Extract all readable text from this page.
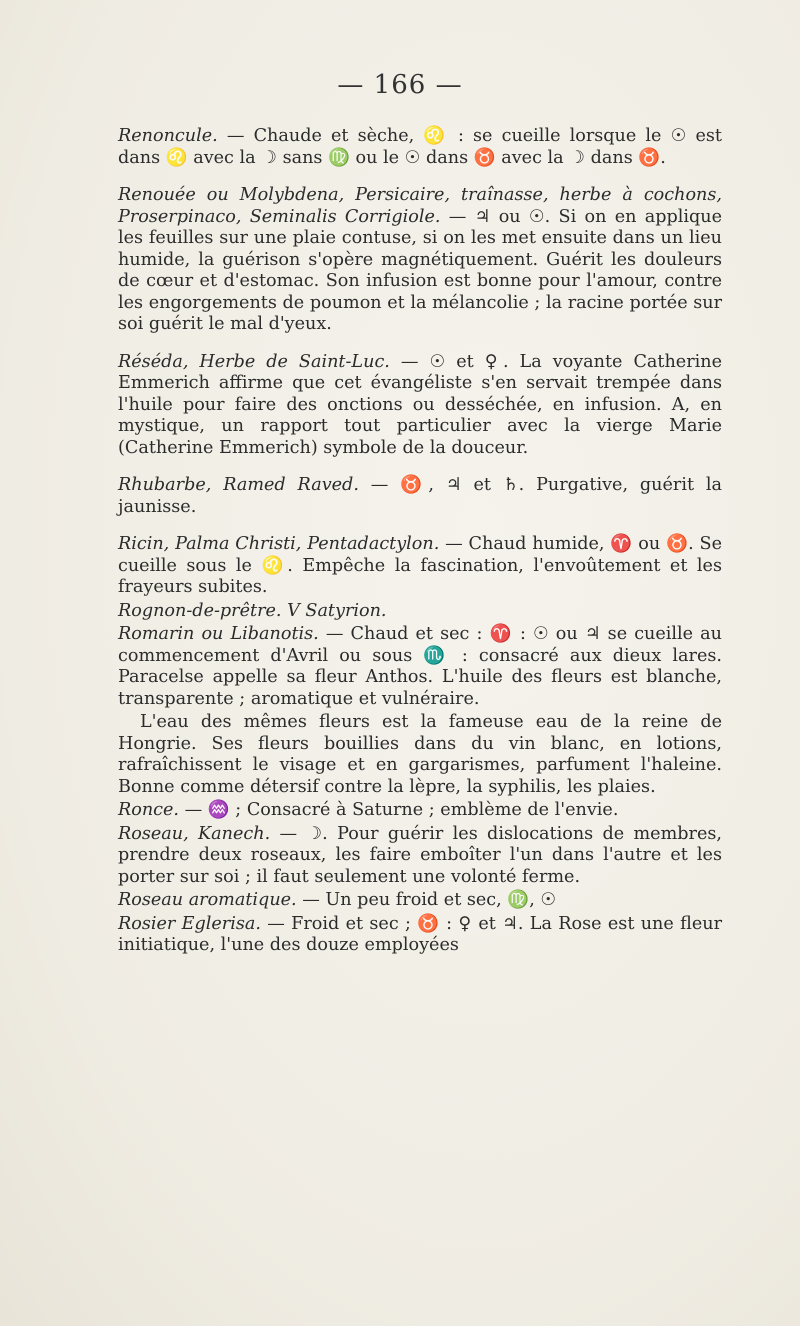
— 166 —

Renoncule. — Chaude et sèche, ♌ : se cueille lorsque le ☉ est dans ♌ avec la ☽ sans ♍ ou le ☉ dans ♉ avec la ☽ dans ♉.

Renouée ou Molybdena, Persicaire, traînasse, herbe à cochons, Proserpinaco, Seminalis Corrigiole. — ♃ ou ☉. Si on en applique les feuilles sur une plaie contuse, si on les met ensuite dans un lieu humide, la guérison s'opère magnétiquement. Guérit les douleurs de cœur et d'estomac. Son infusion est bonne pour l'amour, contre les engorgements de poumon et la mélancolie ; la racine portée sur soi guérit le mal d'yeux.

Réséda, Herbe de Saint-Luc. — ☉ et ♀. La voyante Catherine Emmerich affirme que cet évangéliste s'en servait trempée dans l'huile pour faire des onctions ou desséchée, en infusion. A, en mystique, un rapport tout particulier avec la vierge Marie (Catherine Emmerich) symbole de la douceur.

Rhubarbe, Ramed Raved. — ♉, ♃ et ♄. Purgative, guérit la jaunisse.

Ricin, Palma Christi, Pentadactylon. — Chaud humide, ♈ ou ♉. Se cueille sous le ♌. Empêche la fascination, l'envoûtement et les frayeurs subites.

Rognon-de-prêtre. V Satyrion.

Romarin ou Libanotis. — Chaud et sec : ♈ : ☉ ou ♃ se cueille au commencement d'Avril ou sous ♏ : consacré aux dieux lares. Paracelse appelle sa fleur Anthos. L'huile des fleurs est blanche, transparente ; aromatique et vulnéraire.

L'eau des mêmes fleurs est la fameuse eau de la reine de Hongrie. Ses fleurs bouillies dans du vin blanc, en lotions, rafraîchissent le visage et en gargarismes, parfument l'haleine. Bonne comme détersif contre la lèpre, la syphilis, les plaies.

Ronce. — ♒ ; Consacré à Saturne ; emblème de l'envie.

Roseau, Kanech. — ☽. Pour guérir les dislocations de membres, prendre deux roseaux, les faire emboîter l'un dans l'autre et les porter sur soi ; il faut seulement une volonté ferme.

Roseau aromatique. — Un peu froid et sec, ♍, ☉

Rosier Eglerisa. — Froid et sec ; ♉ : ♀ et ♃. La Rose est une fleur initiatique, l'une des douze employées
